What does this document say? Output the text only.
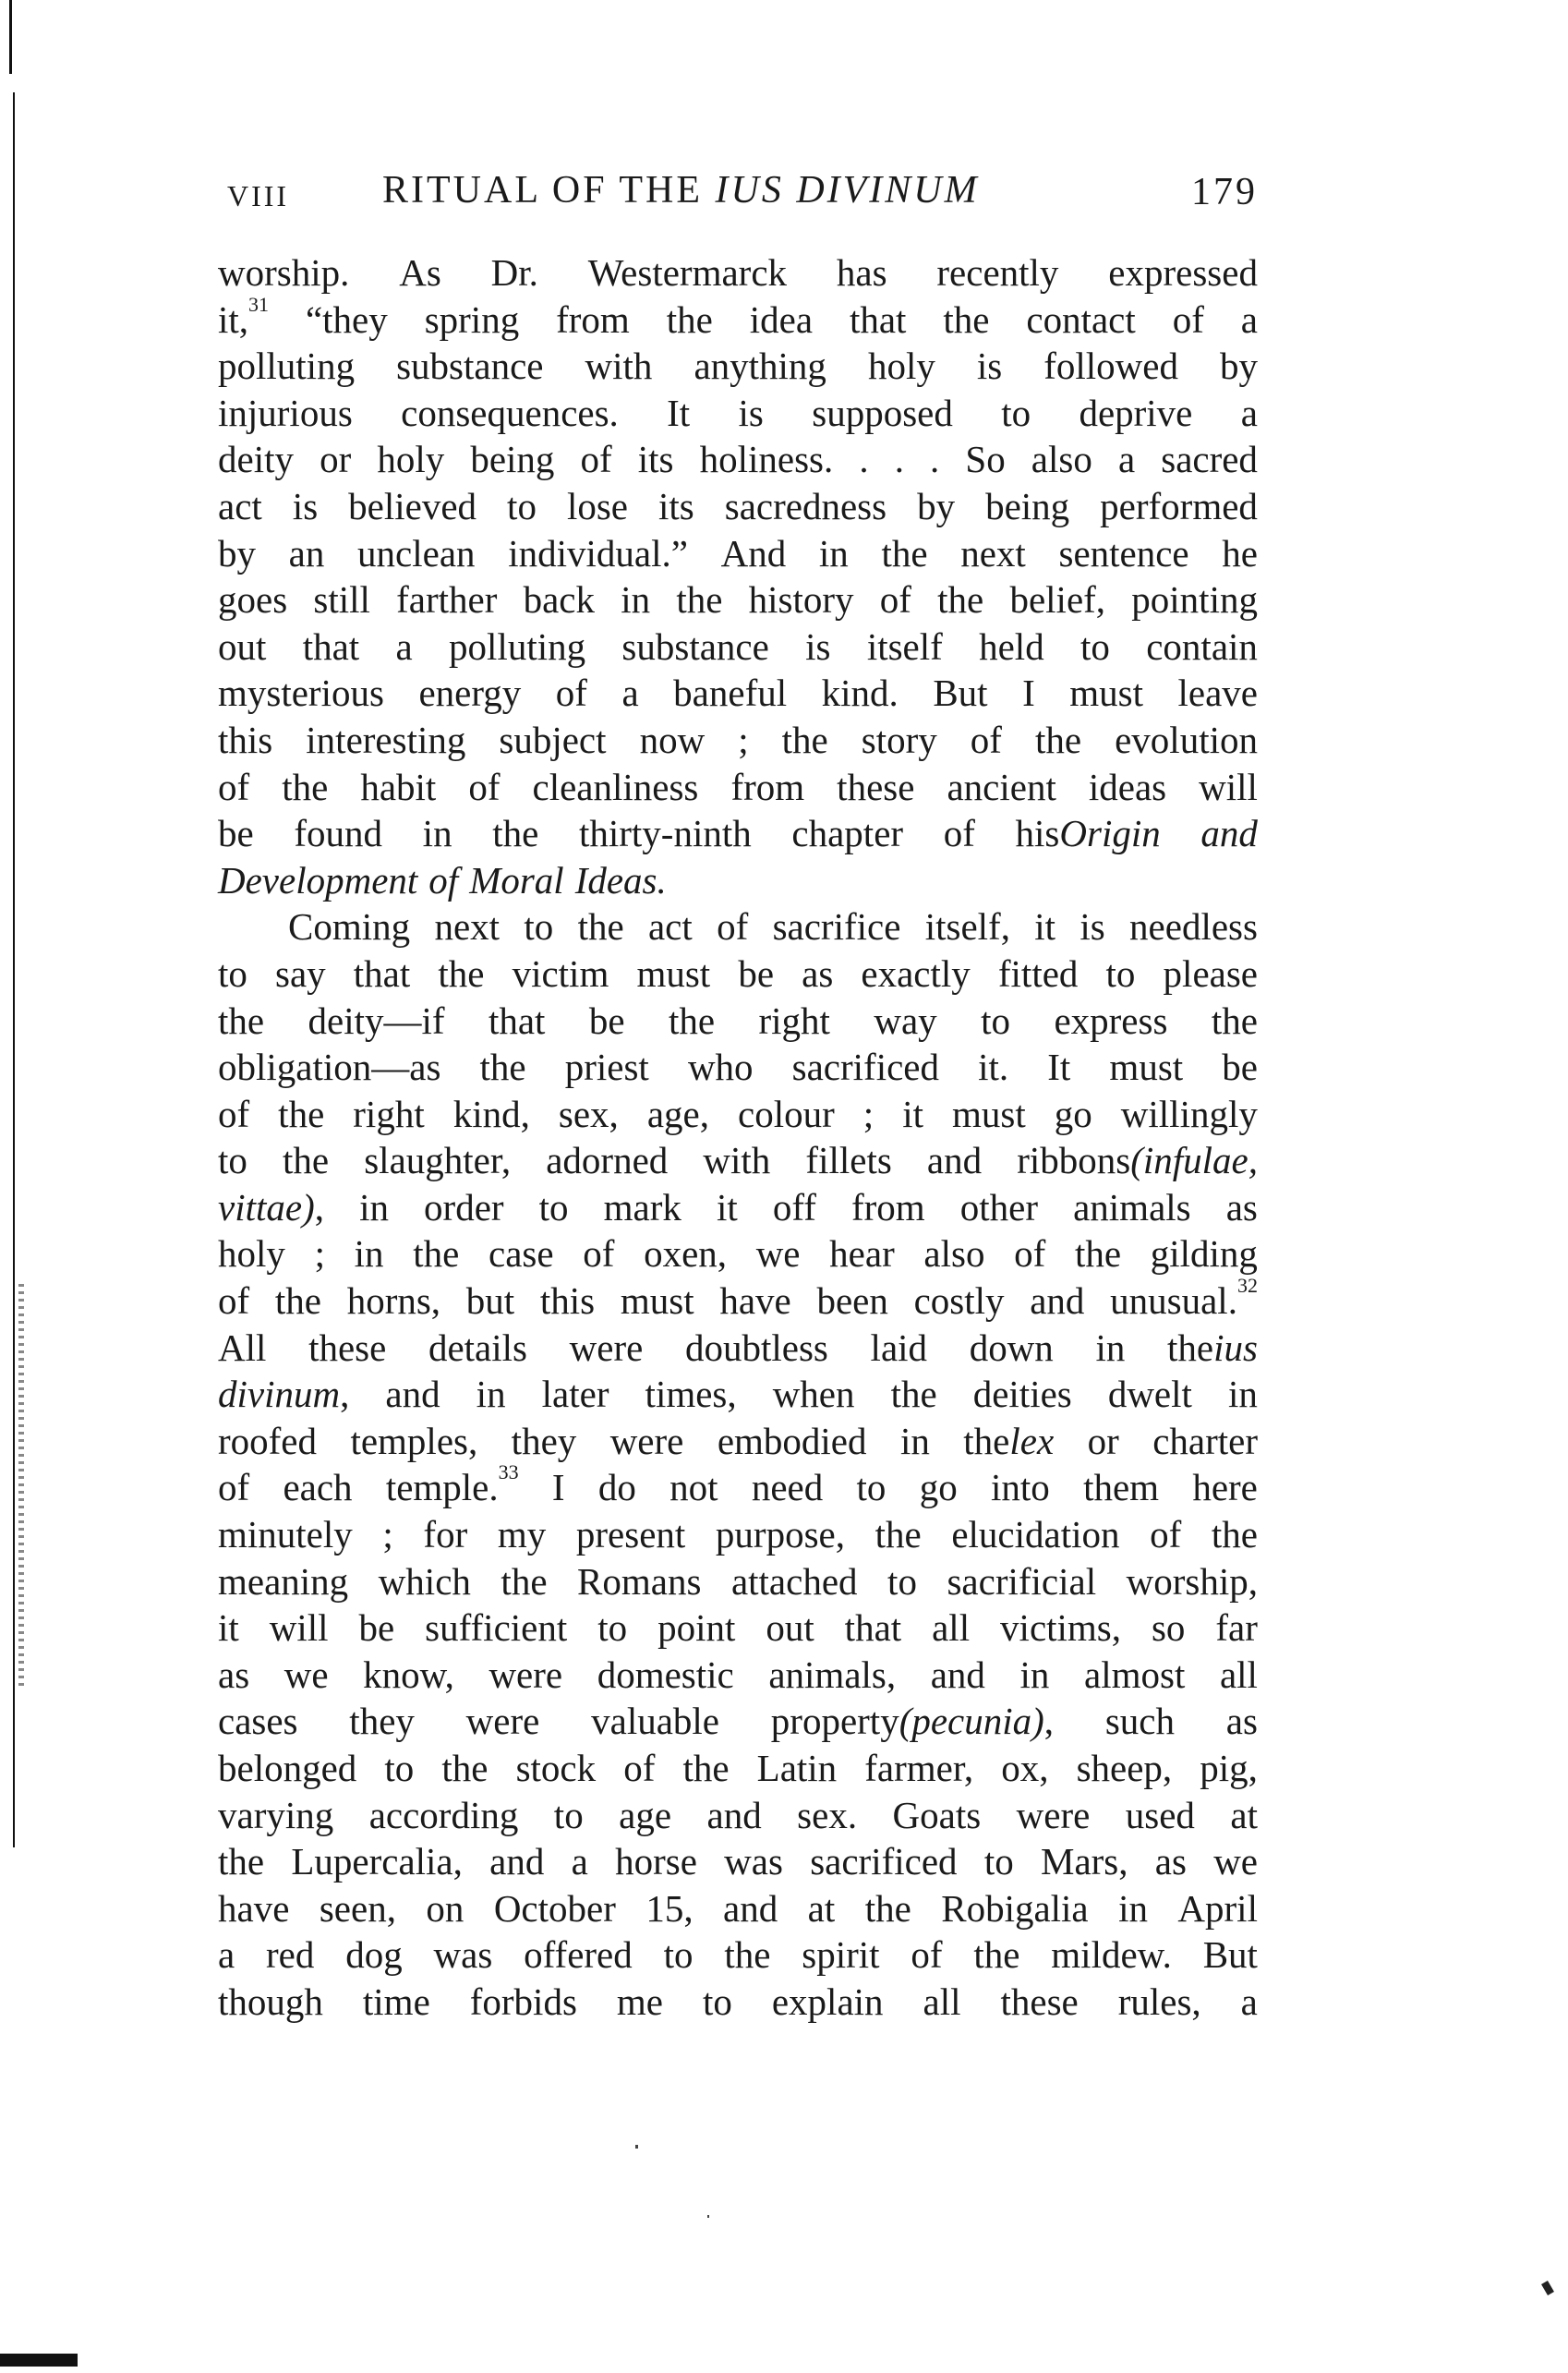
VIII RITUAL OF THE IUS DIVINUM	179
worship. As Dr. Westermarck has recently expressed
it,$^{31}$ “they spring from the idea that the contact of a
polluting substance with anything holy is followed by
injurious consequences. It is supposed to deprive a
deity or holy being of its holiness. . . . So also a sacred
act is believed to lose its sacredness by being performed
by an unclean individual.” And in the next sentence he
goes still farther back in the history of the belief, pointing
out that a polluting substance is itself held to contain
mysterious energy of a baneful kind. But I must leave
this interesting subject now ; the story of the evolution
of the habit of cleanliness from these ancient ideas will
be found in the thirty-ninth chapter of hisOrigin and
Development of Moral Ideas.
Coming next to the act of sacrifice itself, it is needless
to say that the victim must be as exactly fitted to please
the deity—if that be the right way to express the
obligation—as the priest who sacrificed it. It must be
of the right kind, sex, age, colour ; it must go willingly
to the slaughter, adorned with fillets and ribbons(infulae,
vittae), in order to mark it off from other animals as
holy ; in the case of oxen, we hear also of the gilding
of the horns, but this must have been costly and unusual.$^{32}$
All these details were doubtless laid down in theius
divinum, and in later times, when the deities dwelt in
roofed temples, they were embodied in thelex or charter
of each temple.$^{33}$ I do not need to go into them here
minutely ; for my present purpose, the elucidation of the
meaning which the Romans attached to sacrificial worship,
it will be sufficient to point out that all victims, so far
as we know, were domestic animals, and in almost all
cases they were valuable property(pecunia), such as
belonged to the stock of the Latin farmer, ox, sheep, pig,
varying according to age and sex. Goats were used at
the Lupercalia, and a horse was sacrificed to Mars, as we
have seen, on October 15, and at the Robigalia in April
a red dog was offered to the spirit of the mildew. But
though time forbids me to explain all these rules, a
